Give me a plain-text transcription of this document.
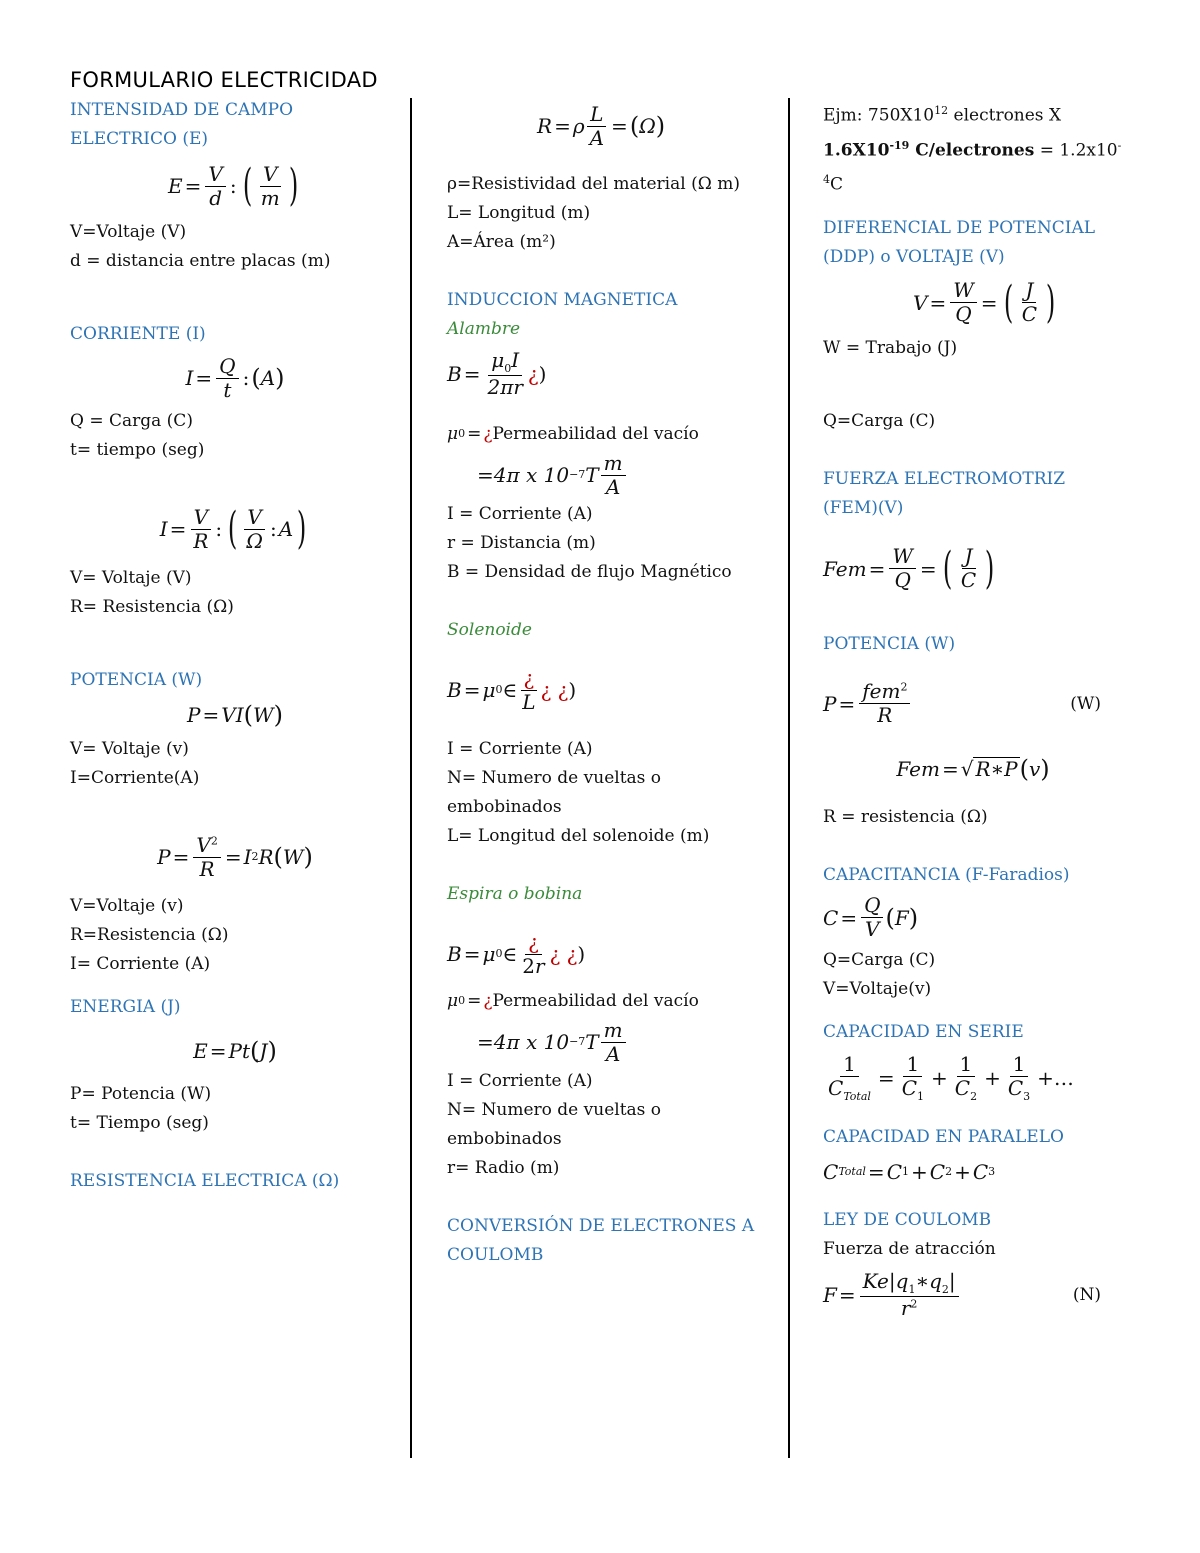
FORMULARIO ELECTRICIDAD
INTENSIDAD DE CAMPO
ELECTRICO (E)
$E = \frac{V}{d}$ : ( $\frac{V}{m}$ )
V=Voltaje (V)
d = distancia entre placas (m)
CORRIENTE (I)
$I = \frac{Q}{t}$ : ( A )
Q = Carga (C)
t= tiempo (seg)
$I = \frac{V}{R}$ : ( $\frac{V}{\Omega}$ : A )
V= Voltaje (V)
R= Resistencia (Ω)
POTENCIA (W)
P = VI ( W )
V= Voltaje (v)
I=Corriente(A)
$P = \frac{V^2}{R} = I$ 2 R ( W )
V=Voltaje (v)
R=Resistencia (Ω)
I= Corriente (A)
ENERGIA (J)
E = Pt ( J )
P= Potencia (W)
t= Tiempo (seg)
RESISTENCIA ELECTRICA (Ω)
R = ρ $\frac{L}{A}$ = ( Ω )
ρ=Resistividad del material (Ω m)
L= Longitud (m)
A=Área (m²)
INDUCCION MAGNETICA
Alambre
$B = \frac{\mu_0I}{2\pi r}$ ¿ )
μ 0 = ¿ Permeabilidad del vacío
= 4π x 10 −7 T $\frac{m}{A}$
I = Corriente (A)
r = Distancia (m)
B = Densidad de flujo Magnético
Solenoide
B = μ 0 ∈ $\frac{¿}{L}$ ¿ ¿ )
I = Corriente (A)
N= Numero de vueltas o embobinados
L= Longitud del solenoide (m)
Espira o bobina
B = μ 0 ∈ $\frac{¿}{2r}$ ¿ ¿ )
μ 0 = ¿ Permeabilidad del vacío
= 4π x 10 −7 T $\frac{m}{A}$
I = Corriente (A)
N= Numero de vueltas o embobinados
r= Radio (m)
CONVERSIÓN DE ELECTRONES A COULOMB
Ejm: $750X10^{12}$ electrones X
$1.6X10^{-19}$ C/electrones = 1.2x10-
$^4$C
DIFERENCIAL DE POTENCIAL (DDP) o VOLTAJE (V)
$V = \frac{W}{Q}$ = ( $\frac{J}{C}$ )
W = Trabajo (J)
Q=Carga (C)
FUERZA ELECTROMOTRIZ (FEM)(V)
Fem = $\frac{W}{Q}$ = ( $\frac{J}{C}$ )
POTENCIA (W)
$P = \frac{fem^2}{R}$	(W)
Fem = √ R∗P ( v )
R = resistencia (Ω)
CAPACITANCIA (F-Faradios)
$C = \frac{Q}{V}$ ( F )
Q=Carga (C)
V=Voltaje(v)
CAPACIDAD EN SERIE
$\frac{1}{C_{Total}} = \frac{1}{C_1} + \frac{1}{C_2} + \frac{1}{C_3}$ +…
CAPACIDAD EN PARALELO
C Total = C 1 + C 2 + C 3
LEY DE COULOMB
Fuerza de atracción
$F = \frac{Ke|q_1∗q_2|}{r^2}$	(N)
